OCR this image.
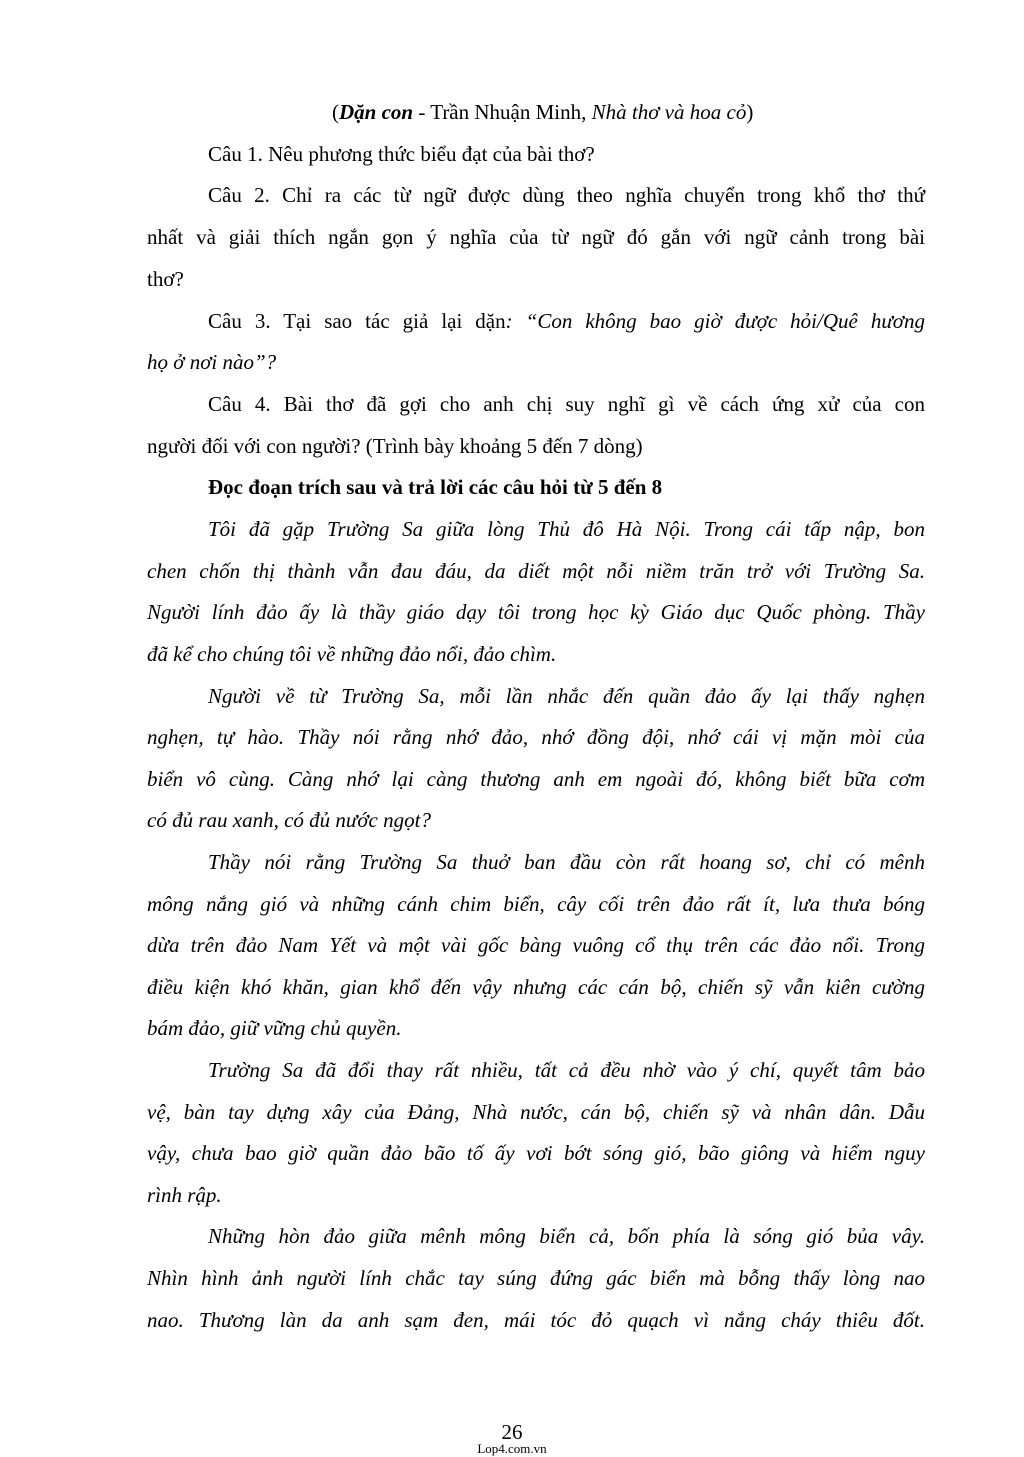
(Dặn con - Trần Nhuận Minh, Nhà thơ và hoa cỏ)
Câu 1. Nêu phương thức biểu đạt của bài thơ?
Câu 2. Chỉ ra các từ ngữ được dùng theo nghĩa chuyển trong khổ thơ thứ
nhất và giải thích ngắn gọn ý nghĩa của từ ngữ đó gắn với ngữ cảnh trong bài
thơ?
Câu 3. Tại sao tác giả lại dặn: “Con không bao giờ được hỏi/Quê hương
họ ở nơi nào”?
Câu 4. Bài thơ đã gợi cho anh chị suy nghĩ gì về cách ứng xử của con
người đối với con người? (Trình bày khoảng 5 đến 7 dòng)
Đọc đoạn trích sau và trả lời các câu hỏi từ 5 đến 8
Tôi đã gặp Trường Sa giữa lòng Thủ đô Hà Nội. Trong cái tấp nập, bon
chen chốn thị thành vẫn đau đáu, da diết một nỗi niềm trăn trở với Trường Sa.
Người lính đảo ấy là thầy giáo dạy tôi trong học kỳ Giáo dục Quốc phòng. Thầy
đã kể cho chúng tôi về những đảo nổi, đảo chìm.
Người về từ Trường Sa, mỗi lần nhắc đến quần đảo ấy lại thấy nghẹn
nghẹn, tự hào. Thầy nói rằng nhớ đảo, nhớ đồng đội, nhớ cái vị mặn mòi của
biển vô cùng. Càng nhớ lại càng thương anh em ngoài đó, không biết bữa cơm
có đủ rau xanh, có đủ nước ngọt?
Thầy nói rằng Trường Sa thuở ban đầu còn rất hoang sơ, chỉ có mênh
mông nắng gió và những cánh chim biển, cây cối trên đảo rất ít, lưa thưa bóng
dừa trên đảo Nam Yết và một vài gốc bàng vuông cổ thụ trên các đảo nổi. Trong
điều kiện khó khăn, gian khổ đến vậy nhưng các cán bộ, chiến sỹ vẫn kiên cường
bám đảo, giữ vững chủ quyền.
Trường Sa đã đổi thay rất nhiều, tất cả đều nhờ vào ý chí, quyết tâm bảo
vệ, bàn tay dựng xây của Đảng, Nhà nước, cán bộ, chiến sỹ và nhân dân. Dẫu
vậy, chưa bao giờ quần đảo bão tố ấy vơi bớt sóng gió, bão giông và hiểm nguy
rình rập.
Những hòn đảo giữa mênh mông biển cả, bốn phía là sóng gió bủa vây.
Nhìn hình ảnh người lính chắc tay súng đứng gác biển mà bỗng thấy lòng nao
nao. Thương làn da anh sạm đen, mái tóc đỏ quạch vì nắng cháy thiêu đốt.
26
Lop4.com.vn
